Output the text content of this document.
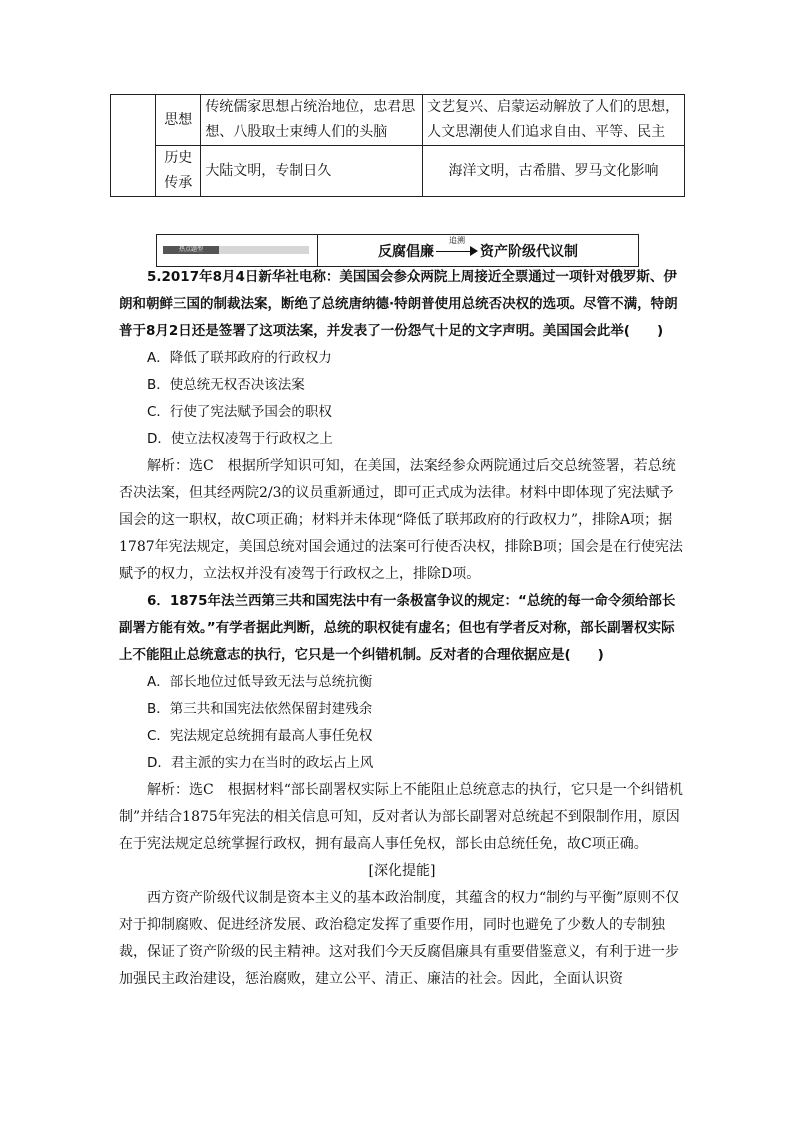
	思想	传统儒家思想占统治地位，忠君思想、八股取士束缚人们的头脑	文艺复兴、启蒙运动解放了人们的思想，人文思潮使人们追求自由、平等、民主
	历史传承	大陆文明，专制日久	海洋文明，古希腊、罗马文化影响
热点题型	反腐倡廉
追溯
资产阶级代议制

5.2017年8月4日新华社电称：美国国会参众两院上周接近全票通过一项针对俄罗斯、伊朗和朝鲜三国的制裁法案，断绝了总统唐纳德·特朗普使用总统否决权的选项。尽管不满，特朗普于8月2日还是签署了这项法案，并发表了一份怨气十足的文字声明。美国国会此举(　　)

A．降低了联邦政府的行政权力

B．使总统无权否决该法案

C．行使了宪法赋予国会的职权

D．使立法权凌驾于行政权之上

解析：选C　根据所学知识可知，在美国，法案经参众两院通过后交总统签署，若总统否决法案，但其经两院2/3的议员重新通过，即可正式成为法律。材料中即体现了宪法赋予国会的这一职权，故C项正确；材料并未体现“降低了联邦政府的行政权力”，排除A项；据1787年宪法规定，美国总统对国会通过的法案可行使否决权，排除B项；国会是在行使宪法赋予的权力，立法权并没有凌驾于行政权之上，排除D项。

6．1875年法兰西第三共和国宪法中有一条极富争议的规定：“总统的每一命令须给部长副署方能有效。”有学者据此判断，总统的职权徒有虚名；但也有学者反对称，部长副署权实际上不能阻止总统意志的执行，它只是一个纠错机制。反对者的合理依据应是(　　)

A．部长地位过低导致无法与总统抗衡

B．第三共和国宪法依然保留封建残余

C．宪法规定总统拥有最高人事任免权

D．君主派的实力在当时的政坛占上风

解析：选C　根据材料“部长副署权实际上不能阻止总统意志的执行，它只是一个纠错机制”并结合1875年宪法的相关信息可知，反对者认为部长副署对总统起不到限制作用，原因在于宪法规定总统掌握行政权，拥有最高人事任免权，部长由总统任免，故C项正确。

[深化提能]

西方资产阶级代议制是资本主义的基本政治制度，其蕴含的权力“制约与平衡”原则不仅对于抑制腐败、促进经济发展、政治稳定发挥了重要作用，同时也避免了少数人的专制独裁，保证了资产阶级的民主精神。这对我们今天反腐倡廉具有重要借鉴意义，有利于进一步加强民主政治建设，惩治腐败，建立公平、清正、廉洁的社会。因此，全面认识资
